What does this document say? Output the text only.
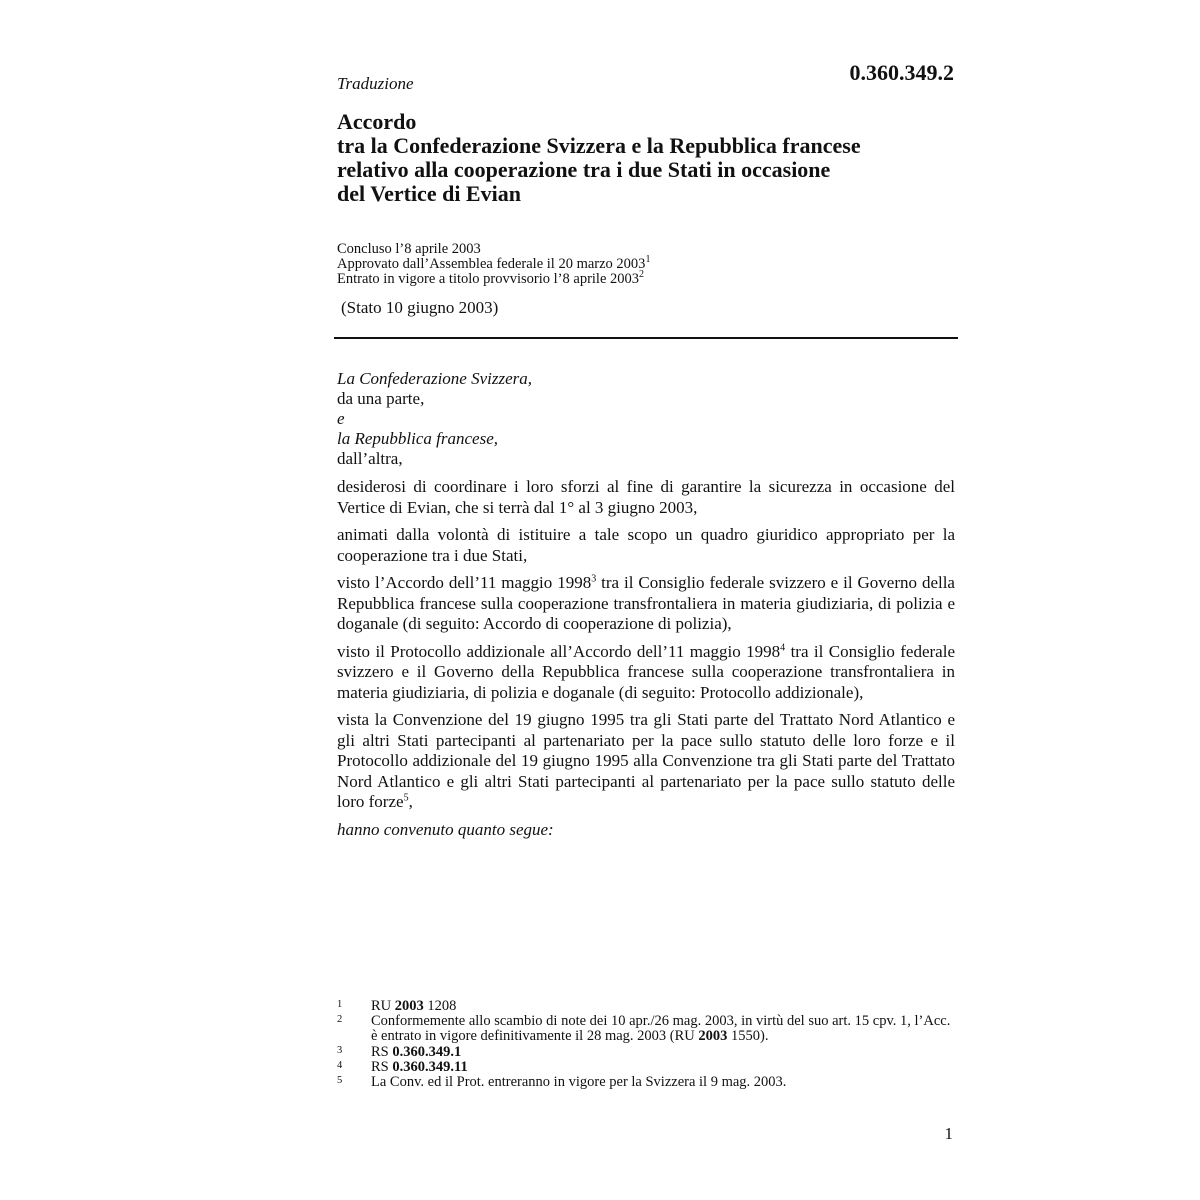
Traduzione	0.360.349.2
Accordo
tra la Confederazione Svizzera e la Repubblica francese
relativo alla cooperazione tra i due Stati in occasione
del Vertice di Evian
Concluso l’8 aprile 2003
Approvato dall’Assemblea federale il 20 marzo 2003$^1$
Entrato in vigore a titolo provvisorio l’8 aprile 2003$^2$
(Stato 10 giugno 2003)
La Confederazione Svizzera,
da una parte,
e
la Repubblica francese,
dall’altra,

desiderosi di coordinare i loro sforzi al fine di garantire la sicurezza in occasione del Vertice di Evian, che si terrà dal 1° al 3 giugno 2003,

animati dalla volontà di istituire a tale scopo un quadro giuridico appropriato per la cooperazione tra i due Stati,

visto l’Accordo dell’11 maggio 1998$^3$ tra il Consiglio federale svizzero e il Governo della Repubblica francese sulla cooperazione transfrontaliera in materia giudiziaria, di polizia e doganale (di seguito: Accordo di cooperazione di polizia),

visto il Protocollo addizionale all’Accordo dell’11 maggio 1998$^4$ tra il Consiglio federale svizzero e il Governo della Repubblica francese sulla cooperazione transfrontaliera in materia giudiziaria, di polizia e doganale (di seguito: Protocollo addizionale),

vista la Convenzione del 19 giugno 1995 tra gli Stati parte del Trattato Nord Atlantico e gli altri Stati partecipanti al partenariato per la pace sullo statuto delle loro forze e il Protocollo addizionale del 19 giugno 1995 alla Convenzione tra gli Stati parte del Trattato Nord Atlantico e gli altri Stati partecipanti al partenariato per la pace sullo statuto delle loro forze$^5$,

hanno convenuto quanto segue:

1	RU 2003 1208
2	Conformemente allo scambio di note dei 10 apr./26 mag. 2003, in virtù del suo art. 15 cpv. 1, l’Acc. è entrato in vigore definitivamente il 28 mag. 2003 (RU 2003 1550).
3	RS 0.360.349.1
4	RS 0.360.349.11
5	La Conv. ed il Prot. entreranno in vigore per la Svizzera il 9 mag. 2003.
1
